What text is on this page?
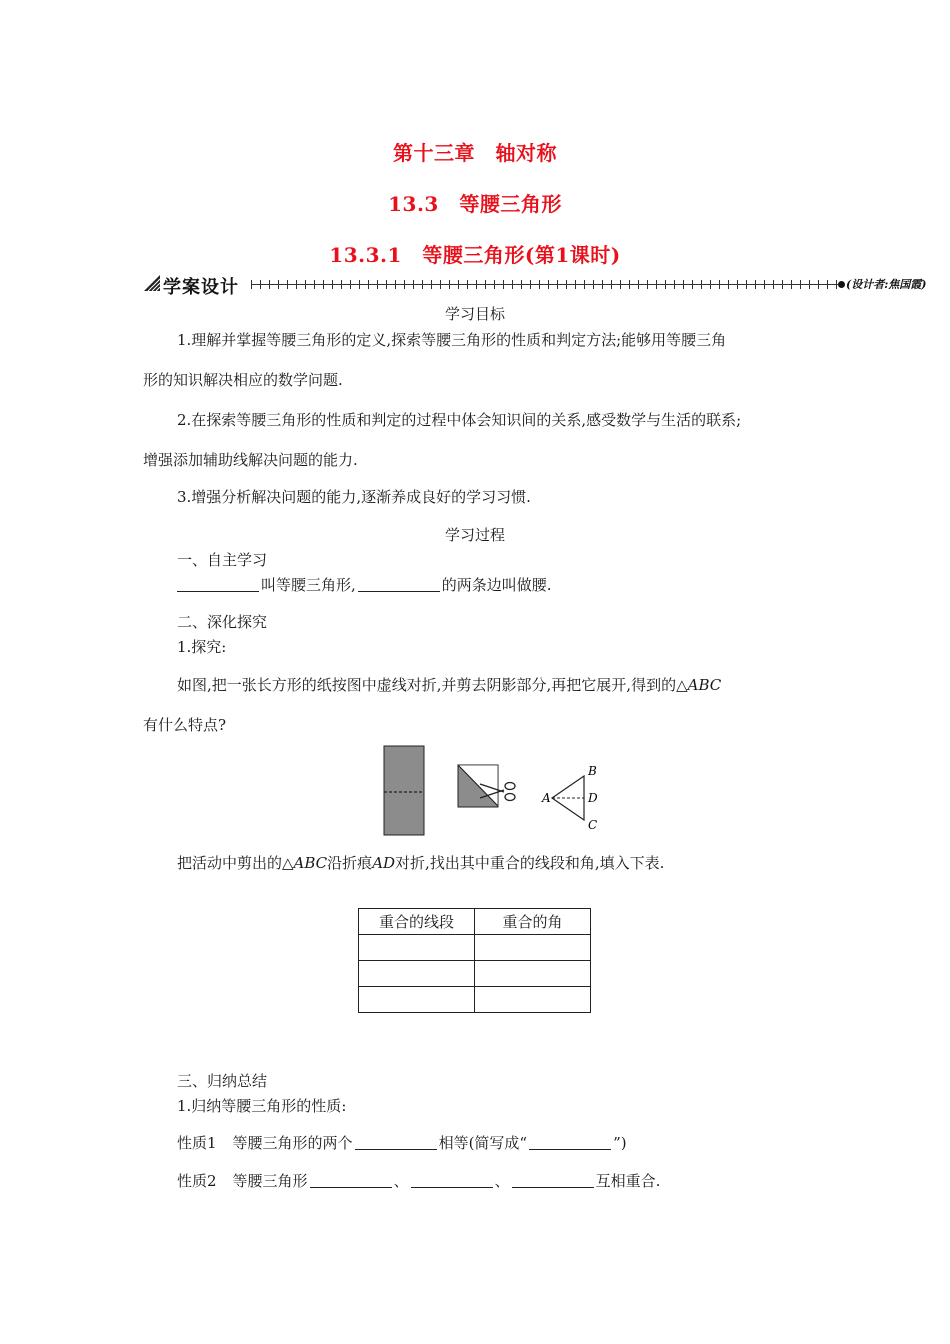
第十三章　轴对称
13.3　等腰三角形
13.3.1　等腰三角形(第1课时)
学案设计	(设计者:焦国霞)
学习目标
1.理解并掌握等腰三角形的定义,探索等腰三角形的性质和判定方法;能够用等腰三角
形的知识解决相应的数学问题.
2.在探索等腰三角形的性质和判定的过程中体会知识间的关系,感受数学与生活的联系;
增强添加辅助线解决问题的能力.
3.增强分析解决问题的能力,逐渐养成良好的学习习惯.
学习过程
一、自主学习
叫等腰三角形,	的两条边叫做腰.
二、深化探究
1.探究:
如图,把一张长方形的纸按图中虚线对折,并剪去阴影部分,再把它展开,得到的△ABC
有什么特点?
A
B
D
C
把活动中剪出的△ABC沿折痕AD对折,找出其中重合的线段和角,填入下表.
重合的线段	重合的角

三、归纳总结
1.归纳等腰三角形的性质:
性质1 等腰三角形的两个	相等(简写成“	”)
性质2 等腰三角形	、	、	互相重合.
